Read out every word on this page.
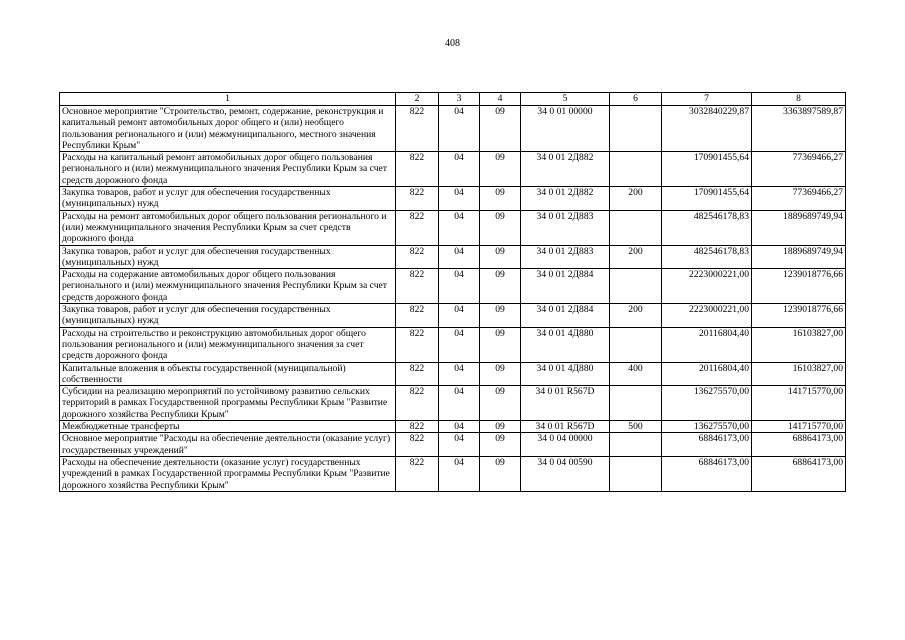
408
1	2	3	4	5	6	7	8
Основное мероприятие "Строительство, ремонт, содержание, реконструкция и капитальный ремонт автомобильных дорог общего и (или) необщего пользования регионального и (или) межмуниципального, местного значения Республики Крым"	822	04	09	34 0 01 00000		3032840229,87	3363897589,87
Расходы на капитальный ремонт автомобильных дорог общего пользования регионального и (или) межмуниципального значения Республики Крым за счет средств дорожного фонда	822	04	09	34 0 01 2Д882		170901455,64	77369466,27
Закупка товаров, работ и услуг для обеспечения государственных (муниципальных) нужд	822	04	09	34 0 01 2Д882	200	170901455,64	77369466,27
Расходы на ремонт автомобильных дорог общего пользования регионального и (или) межмуниципального значения Республики Крым за счет средств дорожного фонда	822	04	09	34 0 01 2Д883		482546178,83	1889689749,94
Закупка товаров, работ и услуг для обеспечения государственных (муниципальных) нужд	822	04	09	34 0 01 2Д883	200	482546178,83	1889689749,94
Расходы на содержание автомобильных дорог общего пользования регионального и (или) межмуниципального значения Республики Крым за счет средств дорожного фонда	822	04	09	34 0 01 2Д884		2223000221,00	1239018776,66
Закупка товаров, работ и услуг для обеспечения государственных (муниципальных) нужд	822	04	09	34 0 01 2Д884	200	2223000221,00	1239018776,66
Расходы на строительство и реконструкцию автомобильных дорог общего пользования регионального и (или) межмуниципального значения за счет средств дорожного фонда	822	04	09	34 0 01 4Д880		20116804,40	16103827,00
Капитальные вложения в объекты государственной (муниципальной) собственности	822	04	09	34 0 01 4Д880	400	20116804,40	16103827,00
Субсидии на реализацию мероприятий по устойчивому развитию сельских территорий в рамках Государственной программы Республики Крым "Развитие дорожного хозяйства Республики Крым"	822	04	09	34 0 01 R567D		136275570,00	141715770,00
Межбюджетные трансферты	822	04	09	34 0 01 R567D	500	136275570,00	141715770,00
Основное мероприятие "Расходы на обеспечение деятельности (оказание услуг) государственных учреждений"	822	04	09	34 0 04 00000		68846173,00	68864173,00
Расходы на обеспечение деятельности (оказание услуг) государственных учреждений в рамках Государственной программы Республики Крым "Развитие дорожного хозяйства Республики Крым"	822	04	09	34 0 04 00590		68846173,00	68864173,00
